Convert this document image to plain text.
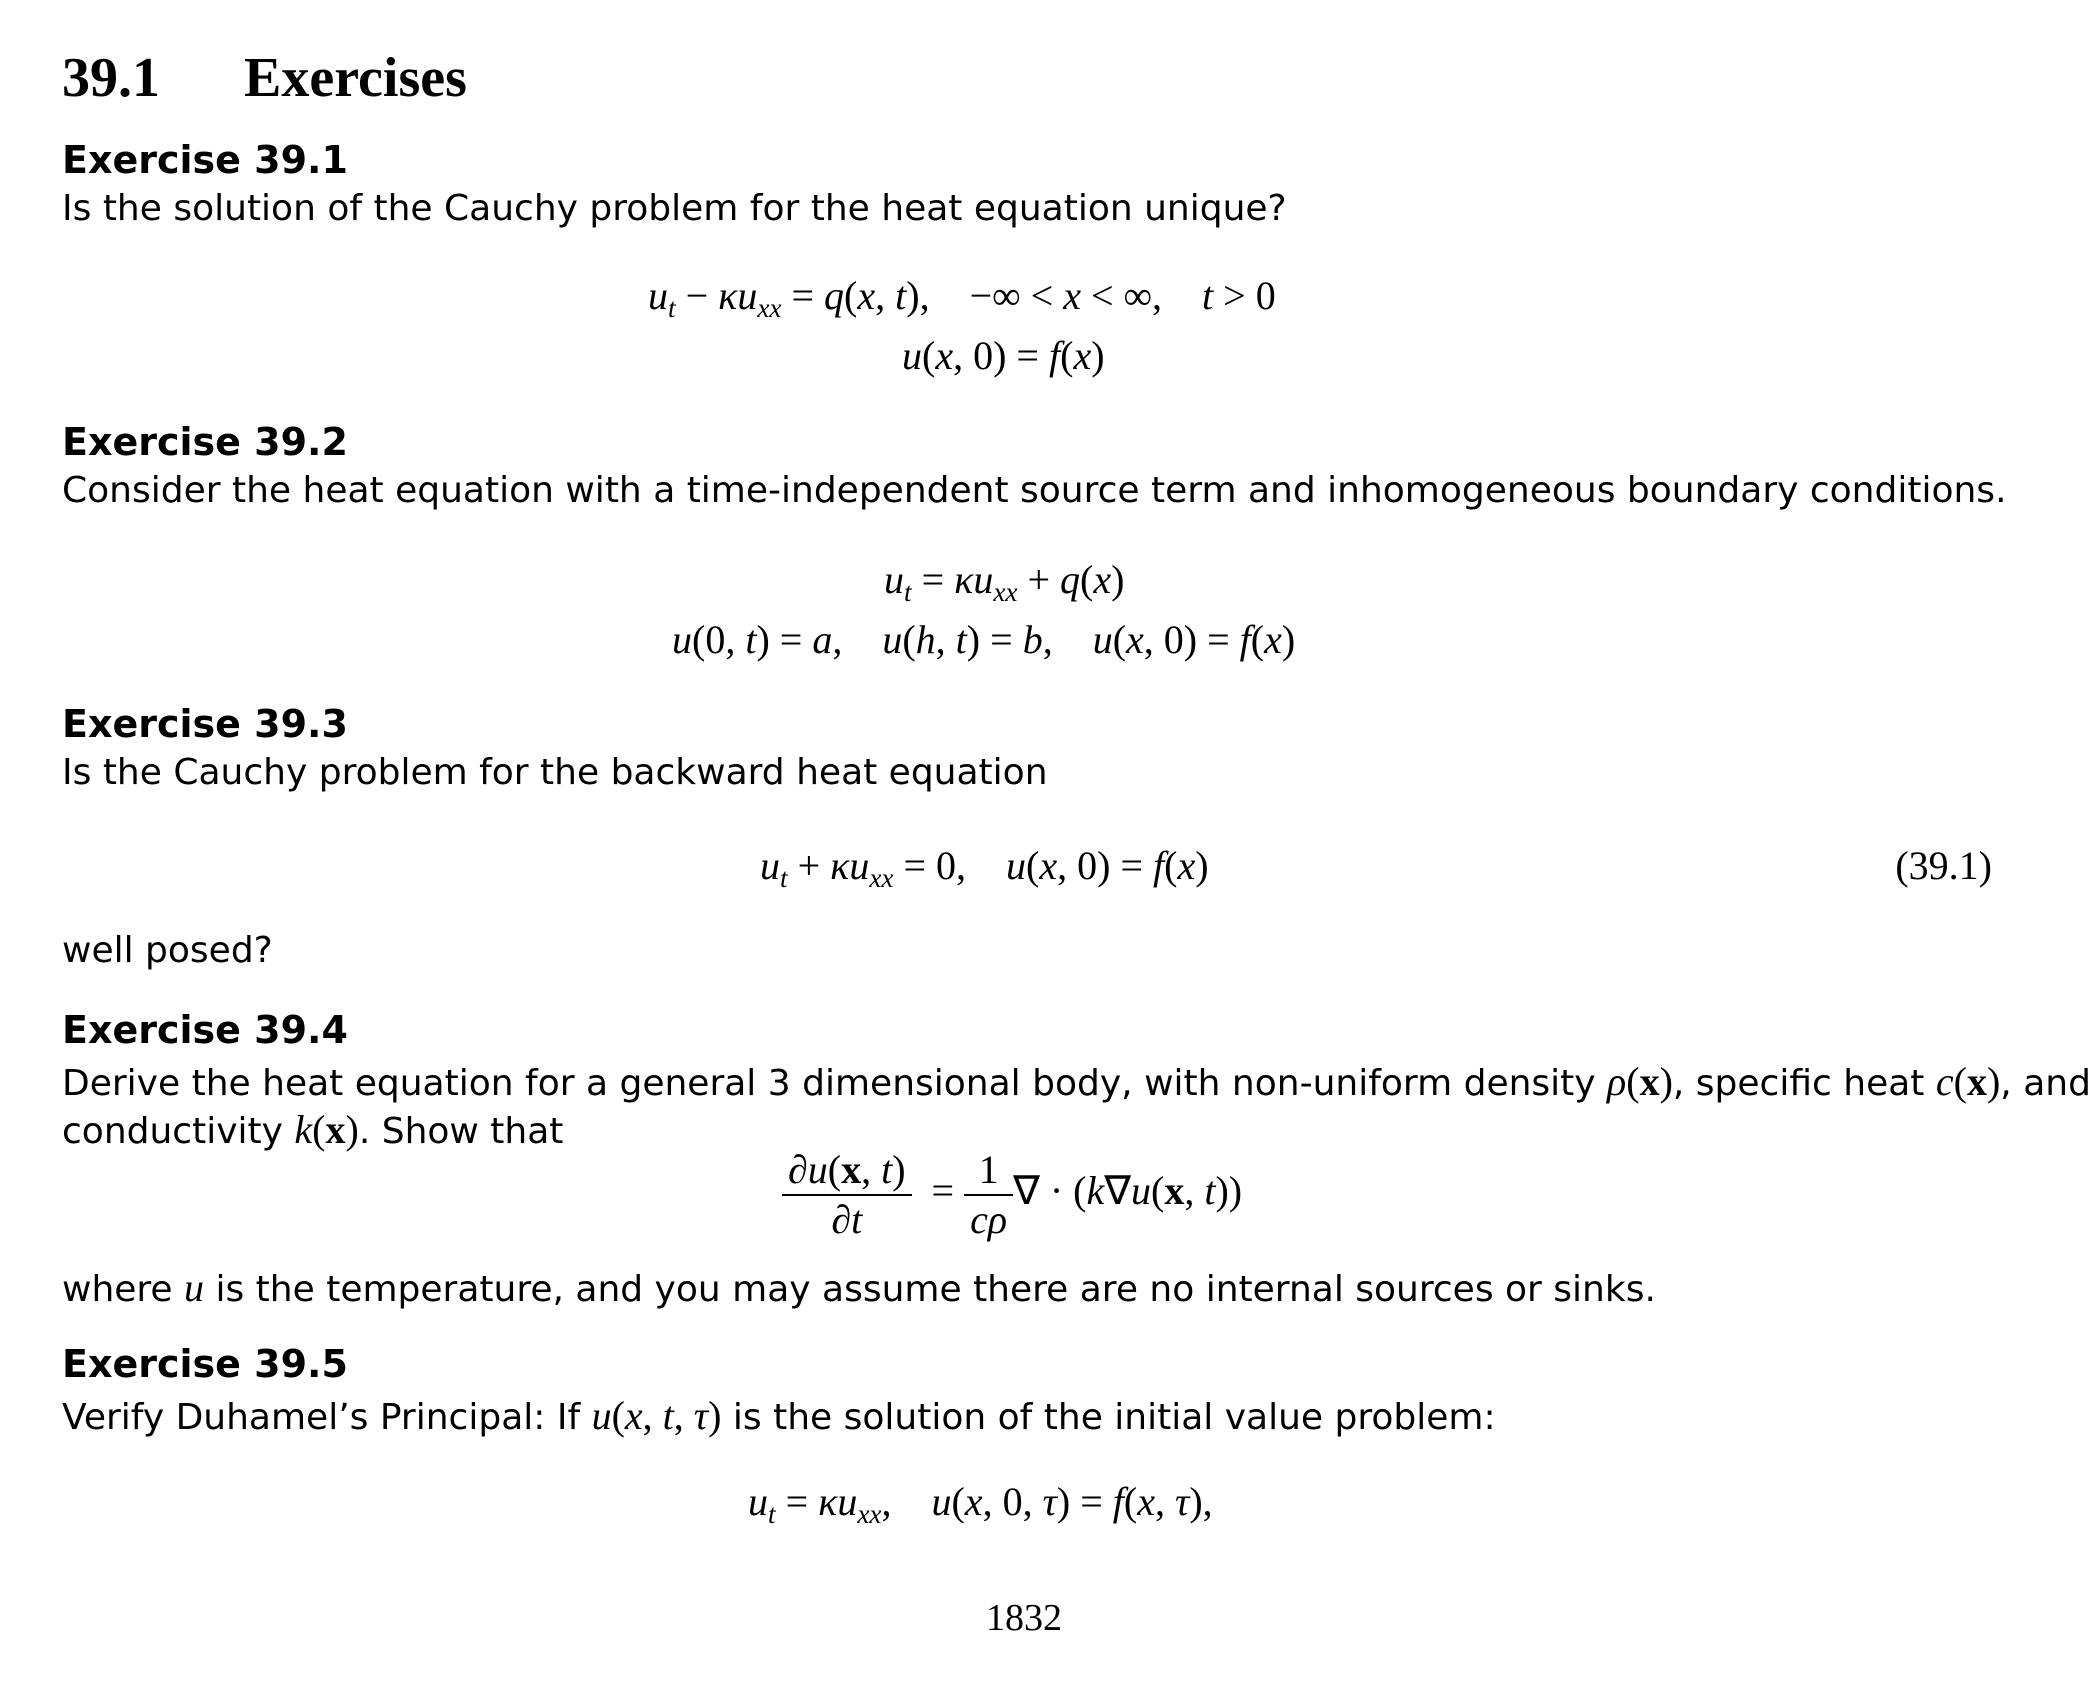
39.1 Exercises
Exercise 39.1
Is the solution of the Cauchy problem for the heat equation unique?
$u_t - \kappa u_{xx} = q(x$, t),    −∞ < x < ∞,    t > 0
u(x, 0) = f(x)
Exercise 39.2
Consider the heat equation with a time-independent source term and inhomogeneous boundary conditions.
$u_t = \kappa u_{xx} + q(x)$
u(0, t) = a,    u(h, t) = b,    u(x, 0) = f(x)
Exercise 39.3
Is the Cauchy problem for the backward heat equation
$u_t + \kappa u_{xx} = 0$,    u(x, 0) = f(x)	(39.1)
well posed?
Exercise 39.4
Derive the heat equation for a general 3 dimensional body, with non-uniform density ρ(x), specific heat c(x), and
conductivity k(x). Show that
$\frac{\partial u(x, t)}{\partial t} = \frac{1}{c\rho}$ ∇ · (k∇u(x, t))
where u is the temperature, and you may assume there are no internal sources or sinks.
Exercise 39.5
Verify Duhamel’s Principal: If u(x, t, τ) is the solution of the initial value problem:
$u_t = \kappa u_{xx}$,    u(x, 0, τ) = f(x, τ),
1832
